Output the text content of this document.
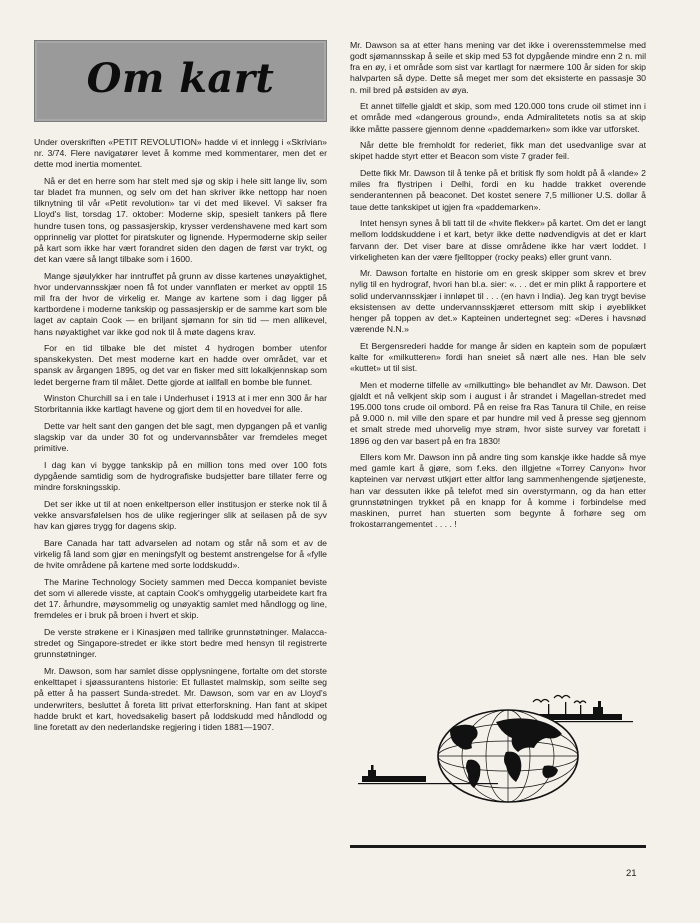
Om kart

Under overskriften «PETIT REVOLUTION» hadde vi et innlegg i «Skrivian» nr. 3/74. Flere navigatører levet å komme med kommentarer, men det er dette mod inertia momentet.

Nå er det en herre som har stelt med sjø og skip i hele sitt lange liv, som tar bladet fra munnen, og selv om det han skriver ikke nettopp har noen tilknytning til vår «Petit revolution» tar vi det med likevel. Vi sakser fra Lloyd's list, torsdag 17. oktober: Moderne skip, spesielt tankers på flere hundre tusen tons, og passasjerskip, krysser verdenshavene med kart som opprinnelig var plottet for piratskuter og lignende. Hypermoderne skip seiler på kart som ikke har vært forandret siden den dagen de først var trykt, og det kan være så langt tilbake som i 1600.

Mange sjøulykker har inntruffet på grunn av disse kartenes unøyaktighet, hvor undervannsskjær noen få fot under vannflaten er merket av opptil 15 mil fra der hvor de virkelig er. Mange av kartene som i dag ligger på kartbordene i moderne tankskip og passasjerskip er de samme kart som ble laget av captain Cook — en briljant sjømann for sin tid — men allikevel, hans nøyaktighet var ikke god nok til å møte dagens krav.

For en tid tilbake ble det mistet 4 hydrogen bomber utenfor spanskekysten. Det mest moderne kart en hadde over området, var et spansk av årgangen 1895, og det var en fisker med sitt lokalkjennskap som ledet bergerne fram til målet. Dette gjorde at iallfall en bombe ble funnet.

Winston Churchill sa i en tale i Underhuset i 1913 at i mer enn 300 år har Storbritannia ikke kartlagt havene og gjort dem til en hovedvei for alle.

Dette var helt sant den gangen det ble sagt, men dypgangen på et vanlig slagskip var da under 30 fot og undervannsbåter var fremdeles meget primitive.

I dag kan vi bygge tankskip på en million tons med over 100 fots dypgående samtidig som de hydrografiske budsjetter bare tillater ferre og mindre forskningsskip.

Det ser ikke ut til at noen enkeltperson eller institusjon er sterke nok til å vekke ansvarsfølelsen hos de ulike regjeringer slik at seilasen på de syv hav kan gjøres trygg for dagens skip.

Bare Canada har tatt advarselen ad notam og står nå som et av de virkelig få land som gjør en meningsfylt og bestemt anstrengelse for å «fylle de hvite områdene på kartene med sorte loddskudd».

The Marine Technology Society sammen med Decca kompaniet beviste det som vi allerede visste, at captain Cook's omhyggelig utarbeidete kart fra det 17. århundre, møysommelig og unøyaktig samlet med håndlogg og line, fremdeles er i bruk på broen i hvert et skip.

De verste strøkene er i Kinasjøen med tallrike grunnstøtninger. Malacca-stredet og Singapore-stredet er ikke stort bedre med hensyn til registrerte grunnstøtninger.

Mr. Dawson, som har samlet disse opplysningene, fortalte om det storste enkelttapet i sjøassurantens historie: Et fullastet malmskip, som seilte seg på etter å ha passert Sunda-stredet. Mr. Dawson, som var en av Lloyd's underwriters, besluttet å foreta litt privat etterforskning. Han fant at skipet hadde brukt et kart, hovedsakelig basert på loddskudd med håndlodd og line foretatt av den nederlandske regjering i tiden 1881—1907.

Mr. Dawson sa at etter hans mening var det ikke i overensstemmelse med godt sjømannsskap å seile et skip med 53 fot dypgående mindre enn 2 n. mil fra en øy, i et område som sist var kartlagt for nærmere 100 år siden for skip halvparten så dype. Dette så meget mer som det eksisterte en passasje 30 n. mil bred på østsiden av øya.

Et annet tilfelle gjaldt et skip, som med 120.000 tons crude oil stimet inn i et område med «dangerous ground», enda Admiralitetets notis sa at skip ikke måtte passere gjennom denne «paddemarken» som ikke var utforsket.

Når dette ble fremholdt for rederiet, fikk man det usedvanlige svar at skipet hadde styrt etter et Beacon som viste 7 grader feil.

Dette fikk Mr. Dawson til å tenke på et britisk fly som holdt på å «lande» 2 miles fra flystripen i Delhi, fordi en ku hadde trakket overende senderantennen på beaconet. Det kostet senere 7,5 millioner U.S. dollar å taue dette tankskipet ut igjen fra «paddemarken».

Intet hensyn synes å bli tatt til de «hvite flekker» på kartet. Om det er langt mellom loddskuddene i et kart, betyr ikke dette nødvendigvis at det er klart farvann der. Det viser bare at disse områdene ikke har vært loddet. I virkeligheten kan der være fjelltopper (rocky peaks) eller grunt vann.

Mr. Dawson fortalte en historie om en gresk skipper som skrev et brev nylig til en hydrograf, hvori han bl.a. sier: «. . . det er min plikt å rapportere et solid undervannsskjær i innløpet til . . . (en havn i India). Jeg kan trygt bevise eksistensen av dette undervannsskjæret ettersom mitt skip i øyeblikket henger på toppen av det.» Kapteinen undertegnet seg: «Deres i havsnød værende N.N.»

Et Bergensrederi hadde for mange år siden en kaptein som de populært kalte for «milkutteren» fordi han sneiet så nært alle nes. Han ble selv «kuttet» ut til sist.

Men et moderne tilfelle av «milkutting» ble behandlet av Mr. Dawson. Det gjaldt et nå velkjent skip som i august i år strandet i Magellan-stredet med 195.000 tons crude oil ombord. På en reise fra Ras Tanura til Chile, en reise på 9.000 n. mil ville den spare et par hundre mil ved å presse seg gjennom et smalt strede med uhorvelig mye strøm, hvor siste survey var foretatt i 1896 og den var basert på en fra 1830!

Ellers kom Mr. Dawson inn på andre ting som kanskje ikke hadde så mye med gamle kart å gjøre, som f.eks. den illgjetne «Torrey Canyon» hvor kapteinen var nervøst utkjørt etter altfor lang sammenhengende sjøtjeneste, han var dessuten ikke på telefot med sin overstyrmann, og da han etter grunnstøtningen trykket på en knapp for å komme i forbindelse med maskinen, purret han stuerten som begynte å forhøre seg om frokostarrangementet . . . . !

21
